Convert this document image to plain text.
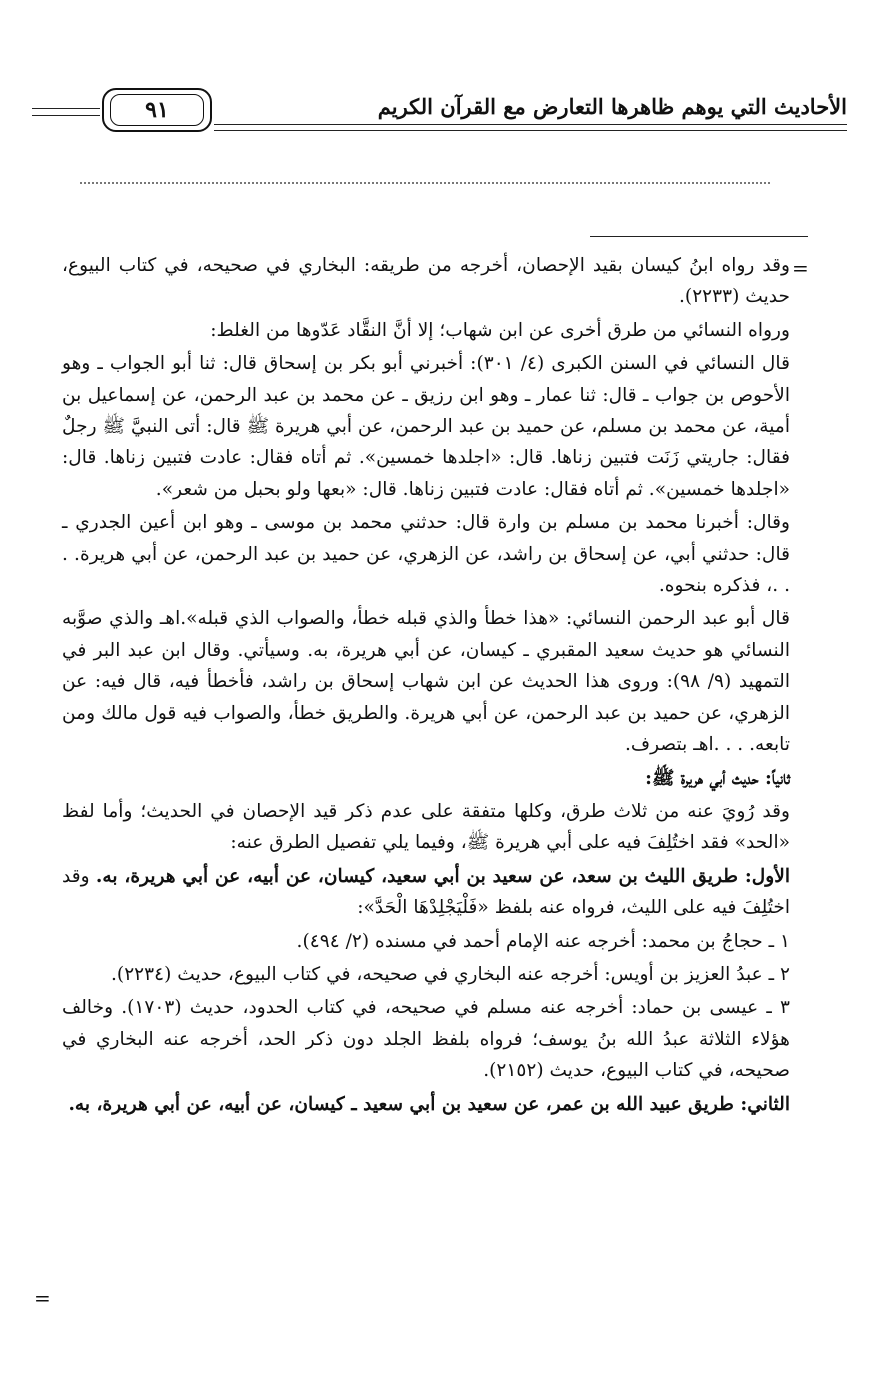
الأحاديث التي يوهم ظاهرها التعارض مع القرآن الكريم
٩١
=
=

وقد رواه ابنُ كيسان بقيد الإحصان، أخرجه من طريقه: البخاري في صحيحه، في كتاب البيوع، حديث (٢٢٣٣).

ورواه النسائي من طرق أخرى عن ابن شهاب؛ إلا أنَّ النقَّاد عَدّوها من الغلط:

قال النسائي في السنن الكبرى (٤/ ٣٠١): أخبرني أبو بكر بن إسحاق قال: ثنا أبو الجواب ـ وهو الأحوص بن جواب ـ قال: ثنا عمار ـ وهو ابن رزيق ـ عن محمد بن عبد الرحمن، عن إسماعيل بن أمية، عن محمد بن مسلم، عن حميد بن عبد الرحمن، عن أبي هريرة ﷺ قال: أتى النبيَّ ﷺ رجلٌ فقال: جاريتي زَنَت فتبين زناها. قال: «اجلدها خمسين». ثم أتاه فقال: عادت فتبين زناها. قال: «اجلدها خمسين». ثم أتاه فقال: عادت فتبين زناها. قال: «بعها ولو بحبل من شعر».

وقال: أخبرنا محمد بن مسلم بن وارة قال: حدثني محمد بن موسى ـ وهو ابن أعين الجدري ـ قال: حدثني أبي، عن إسحاق بن راشد، عن الزهري، عن حميد بن عبد الرحمن، عن أبي هريرة. . . .، فذكره بنحوه.

قال أبو عبد الرحمن النسائي: «هذا خطأ والذي قبله خطأ، والصواب الذي قبله».اهـ والذي صوَّبه النسائي هو حديث سعيد المقبري ـ كيسان، عن أبي هريرة، به. وسيأتي. وقال ابن عبد البر في التمهيد (٩/ ٩٨): وروى هذا الحديث عن ابن شهاب إسحاق بن راشد، فأخطأ فيه، قال فيه: عن الزهري، عن حميد بن عبد الرحمن، عن أبي هريرة. والطريق خطأ، والصواب فيه قول مالك ومن تابعه. . . .اهـ بتصرف.

ثانياً: حديث أبي هريرة ﷺ:

وقد رُويَ عنه من ثلاث طرق، وكلها متفقة على عدم ذكر قيد الإحصان في الحديث؛ وأما لفظ «الحد» فقد اختُلِفَ فيه على أبي هريرة ﷺ، وفيما يلي تفصيل الطرق عنه:

الأول: طريق الليث بن سعد، عن سعيد بن أبي سعيد، كيسان، عن أبيه، عن أبي هريرة، به. وقد اختُلِفَ فيه على الليث، فرواه عنه بلفظ «فَلْيَجْلِدْهَا الْحَدَّ»:

١ ـ حجاجُ بن محمد: أخرجه عنه الإمام أحمد في مسنده (٢/ ٤٩٤).

٢ ـ عبدُ العزيز بن أويس: أخرجه عنه البخاري في صحيحه، في كتاب البيوع، حديث (٢٢٣٤).

٣ ـ عيسى بن حماد: أخرجه عنه مسلم في صحيحه، في كتاب الحدود، حديث (١٧٠٣). وخالف هؤلاء الثلاثة عبدُ الله بنُ يوسف؛ فرواه بلفظ الجلد دون ذكر الحد، أخرجه عنه البخاري في صحيحه، في كتاب البيوع، حديث (٢١٥٢).

الثاني: طريق عبيد الله بن عمر، عن سعيد بن أبي سعيد ـ كيسان، عن أبيه، عن أبي هريرة، به.
